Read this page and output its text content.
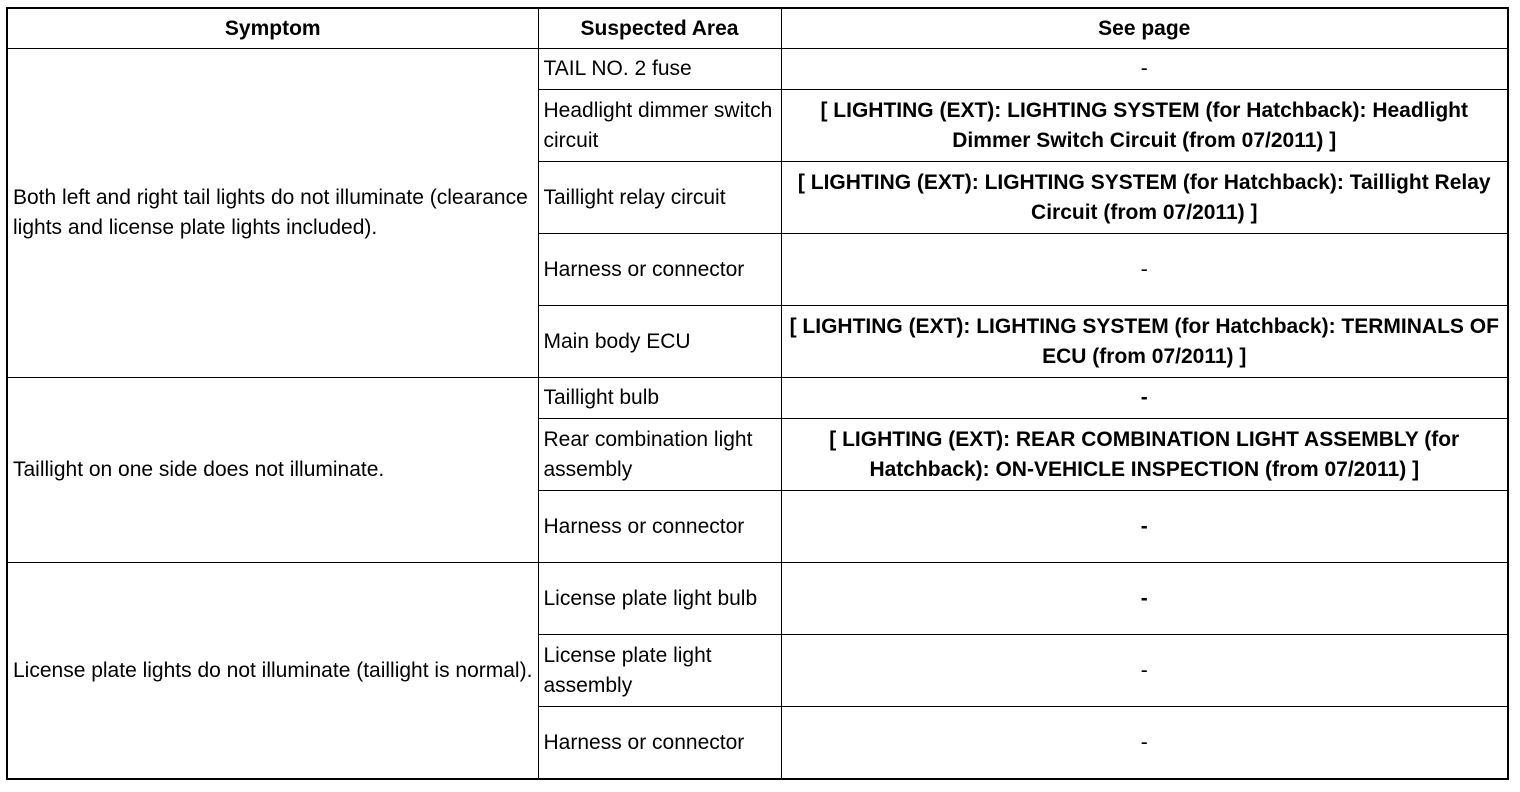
Symptom	Suspected Area	See page
Both left and right tail lights do not illuminate (clearance lights and license plate lights included).	TAIL NO. 2 fuse	-
	Headlight dimmer switch circuit	[ LIGHTING (EXT): LIGHTING SYSTEM (for Hatchback): Headlight Dimmer Switch Circuit (from 07/2011) ]
	Taillight relay circuit	[ LIGHTING (EXT): LIGHTING SYSTEM (for Hatchback): Taillight Relay Circuit (from 07/2011) ]
	Harness or connector	-
	Main body ECU	[ LIGHTING (EXT): LIGHTING SYSTEM (for Hatchback): TERMINALS OF ECU (from 07/2011) ]
Taillight on one side does not illuminate.	Taillight bulb	-
	Rear combination light assembly	[ LIGHTING (EXT): REAR COMBINATION LIGHT ASSEMBLY (for Hatchback): ON-VEHICLE INSPECTION (from 07/2011) ]
	Harness or connector	-
License plate lights do not illuminate (taillight is normal).	License plate light bulb	-
	License plate light assembly	-
	Harness or connector	-
